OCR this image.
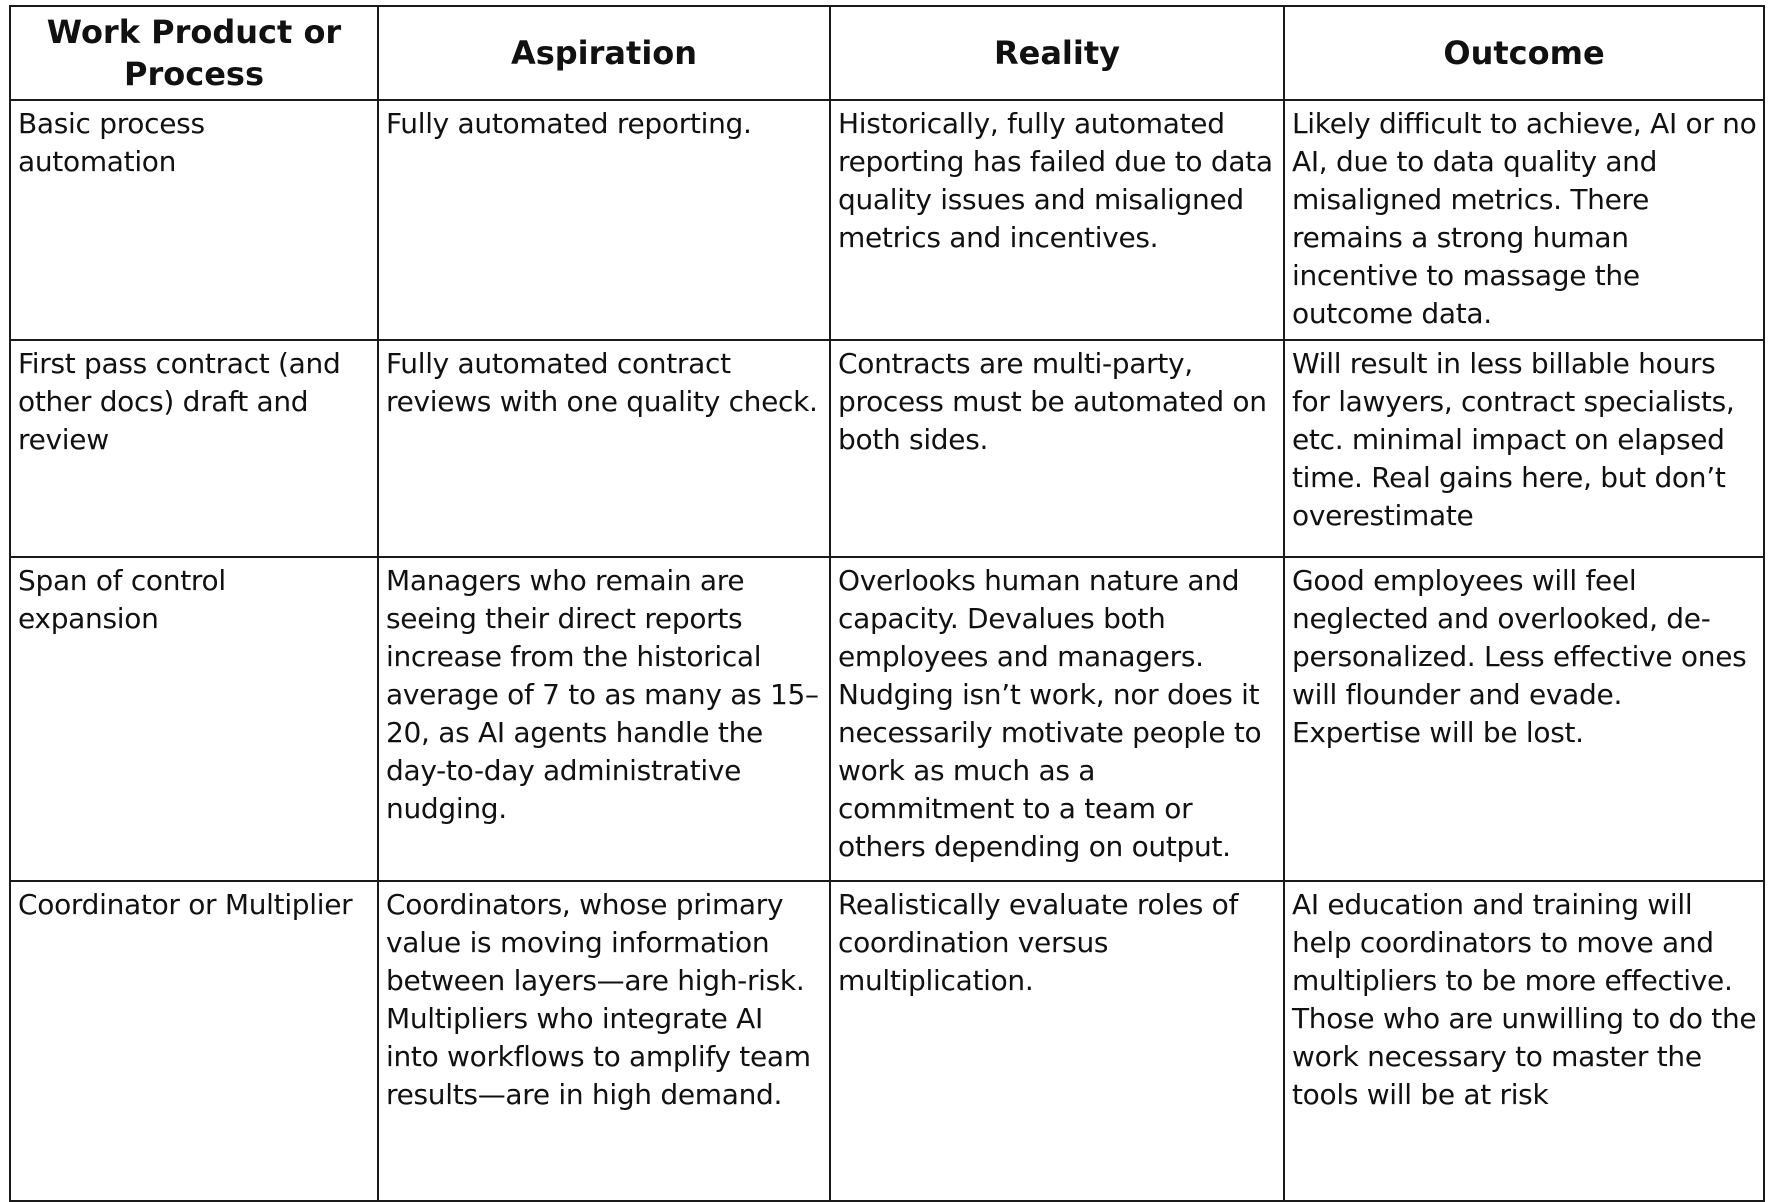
Work Product or Process	Aspiration	Reality	Outcome
Basic process automation	Fully automated reporting.	Historically, fully automated reporting has failed due to data quality issues and misaligned metrics and incentives.	Likely difficult to achieve, AI or no AI, due to data quality and misaligned metrics. There remains a strong human incentive to massage the outcome data.
First pass contract (and other docs) draft and review	Fully automated contract reviews with one quality check.	Contracts are multi-party, process must be automated on both sides.	Will result in less billable hours for lawyers, contract specialists, etc. minimal impact on elapsed time. Real gains here, but don’t overestimate
Span of control expansion	Managers who remain are seeing their direct reports increase from the historical average of 7 to as many as 15–20, as AI agents handle the day-to-day administrative nudging.	Overlooks human nature and capacity. Devalues both employees and managers. Nudging isn’t work, nor does it necessarily motivate people to work as much as a commitment to a team or others depending on output.	Good employees will feel neglected and overlooked, de-personalized. Less effective ones will flounder and evade. Expertise will be lost.
Coordinator or Multiplier	Coordinators, whose primary value is moving information between layers—are high-risk. Multipliers who integrate AI into workflows to amplify team results—are in high demand.	Realistically evaluate roles of coordination versus multiplication.	AI education and training will help coordinators to move and multipliers to be more effective. Those who are unwilling to do the work necessary to master the tools will be at risk
